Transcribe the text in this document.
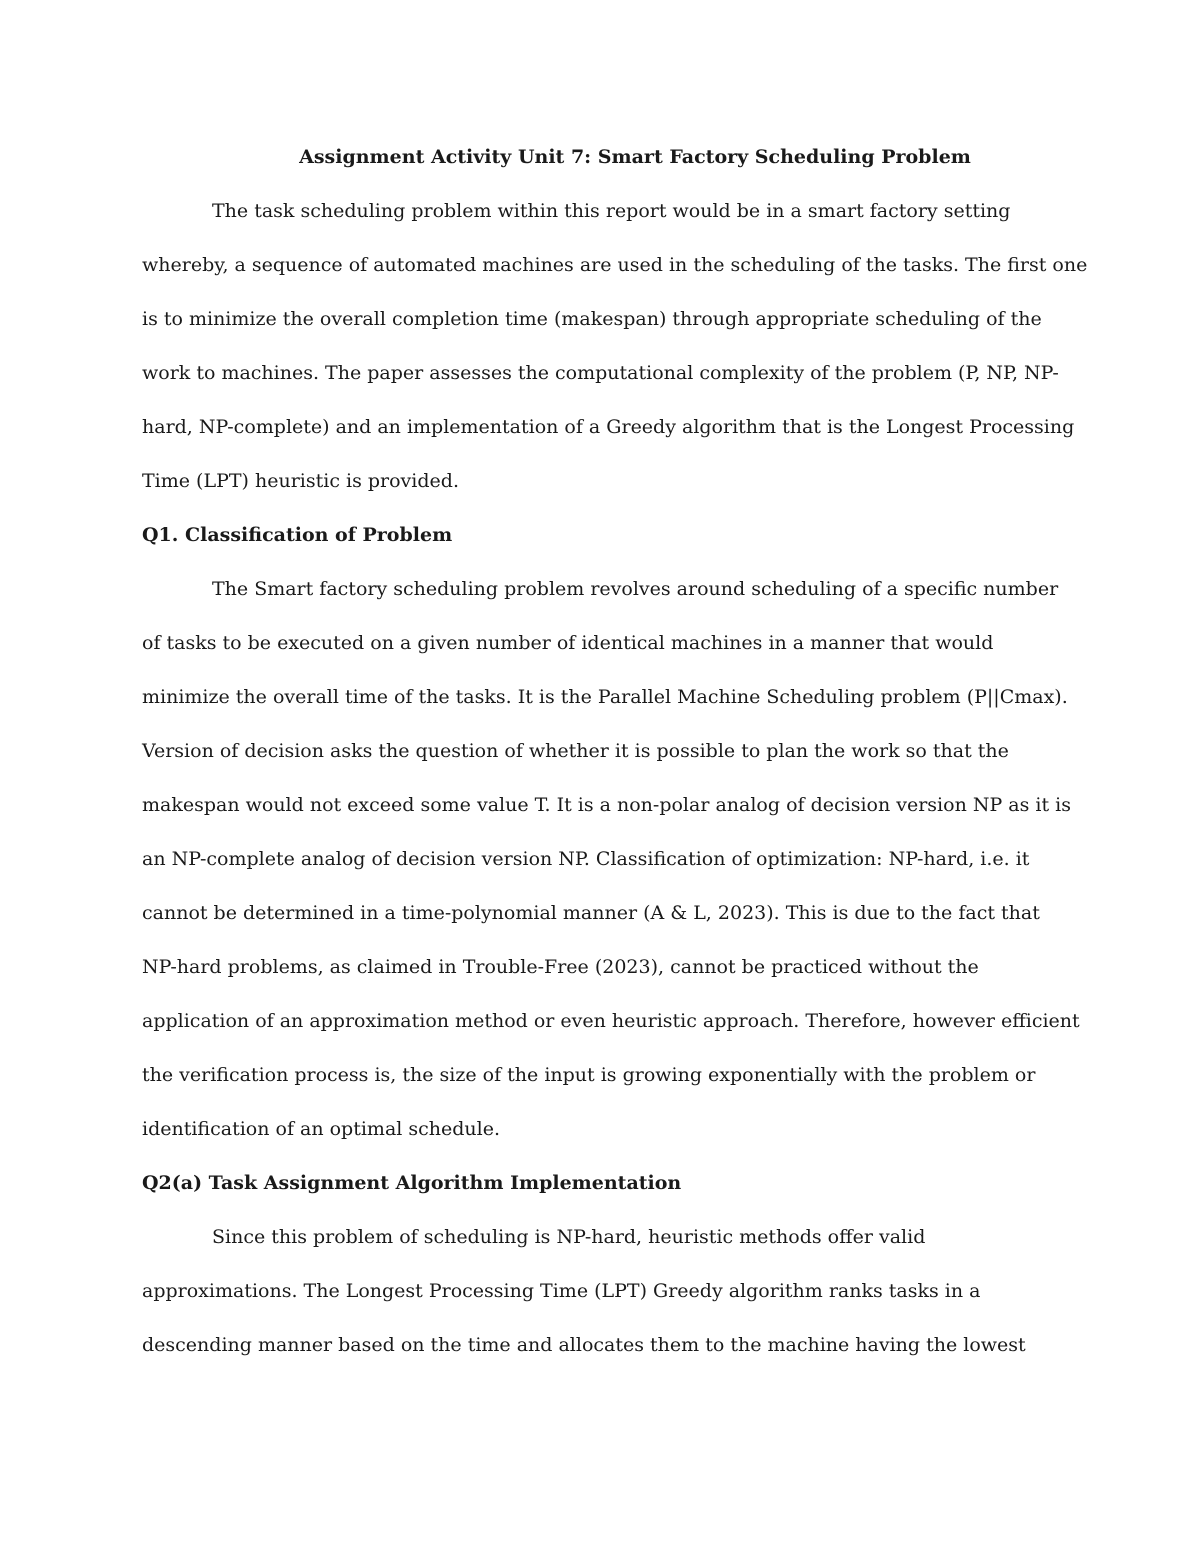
Assignment Activity Unit 7: Smart Factory Scheduling Problem

The task scheduling problem within this report would be in a smart factory setting

whereby, a sequence of automated machines are used in the scheduling of the tasks. The first one

is to minimize the overall completion time (makespan) through appropriate scheduling of the

work to machines. The paper assesses the computational complexity of the problem (P, NP, NP-

hard, NP-complete) and an implementation of a Greedy algorithm that is the Longest Processing

Time (LPT) heuristic is provided.

Q1. Classification of Problem

The Smart factory scheduling problem revolves around scheduling of a specific number

of tasks to be executed on a given number of identical machines in a manner that would

minimize the overall time of the tasks. It is the Parallel Machine Scheduling problem (P||Cmax).

Version of decision asks the question of whether it is possible to plan the work so that the

makespan would not exceed some value T. It is a non-polar analog of decision version NP as it is

an NP-complete analog of decision version NP. Classification of optimization: NP-hard, i.e. it

cannot be determined in a time-polynomial manner (A & L, 2023). This is due to the fact that

NP-hard problems, as claimed in Trouble-Free (2023), cannot be practiced without the

application of an approximation method or even heuristic approach. Therefore, however efficient

the verification process is, the size of the input is growing exponentially with the problem or

identification of an optimal schedule.

Q2(a) Task Assignment Algorithm Implementation

Since this problem of scheduling is NP-hard, heuristic methods offer valid

approximations. The Longest Processing Time (LPT) Greedy algorithm ranks tasks in a

descending manner based on the time and allocates them to the machine having the lowest
